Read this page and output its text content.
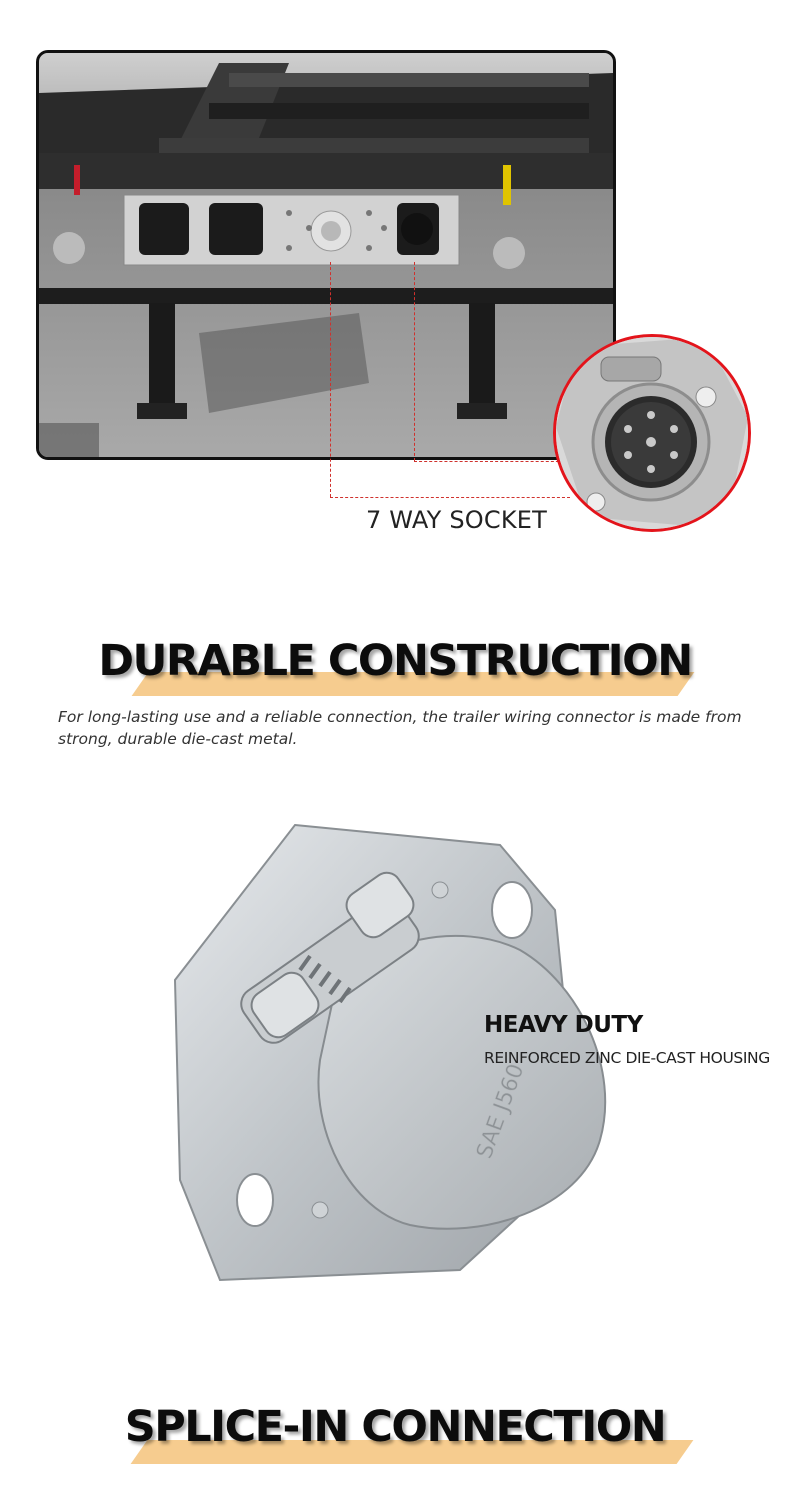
7 WAY SOCKET
DURABLE CONSTRUCTION
For long-lasting use and a reliable connection, the trailer wiring connector is made from strong, durable die-cast metal.
SAE J560
HEAVY DUTY
REINFORCED ZINC DIE-CAST HOUSING
SPLICE-IN CONNECTION
